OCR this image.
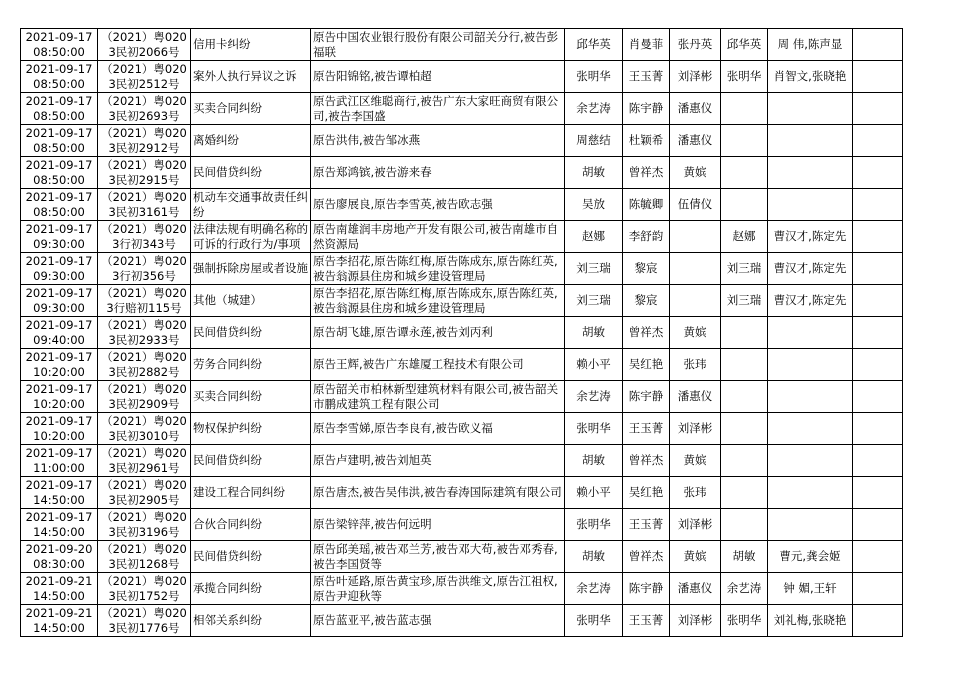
2021-09-17 08:50:00	（2021）粤0203民初2066号	信用卡纠纷	原告中国农业银行股份有限公司韶关分行,被告彭福联	邱华英	肖曼菲	张丹英	邱华英	周 伟,陈声显	
2021-09-17 08:50:00	（2021）粤0203民初2512号	案外人执行异议之诉	原告阳锦铭,被告谭柏超	张明华	王玉菁	刘泽彬	张明华	肖智文,张晓艳	
2021-09-17 08:50:00	（2021）粤0203民初2693号	买卖合同纠纷	原告武江区维聪商行,被告广东大家旺商贸有限公司,被告李国盛	余艺涛	陈宇静	潘惠仪			
2021-09-17 08:50:00	（2021）粤0203民初2912号	离婚纠纷	原告洪伟,被告邹冰燕	周慈结	杜颖希	潘惠仪			
2021-09-17 08:50:00	（2021）粤0203民初2915号	民间借贷纠纷	原告郑鸿镔,被告游来春	胡敏	曾祥杰	黄嫔			
2021-09-17 08:50:00	（2021）粤0203民初3161号	机动车交通事故责任纠纷	原告廖展良,原告李雪英,被告欧志强	吴放	陈毓卿	伍倩仪			
2021-09-17 09:30:00	（2021）粤0203行初343号	法律法规有明确名称的可诉的行政行为/事项	原告南雄润丰房地产开发有限公司,被告南雄市自然资源局	赵娜	李舒韵		赵娜	曹汉才,陈定先	
2021-09-17 09:30:00	（2021）粤0203行初356号	强制拆除房屋或者设施	原告李招花,原告陈红梅,原告陈成东,原告陈红英,被告翁源县住房和城乡建设管理局	刘三瑞	黎宸		刘三瑞	曹汉才,陈定先	
2021-09-17 09:30:00	（2021）粤0203行赔初115号	其他（城建）	原告李招花,原告陈红梅,原告陈成东,原告陈红英,被告翁源县住房和城乡建设管理局	刘三瑞	黎宸		刘三瑞	曹汉才,陈定先	
2021-09-17 09:40:00	（2021）粤0203民初2933号	民间借贷纠纷	原告胡飞雄,原告谭永莲,被告刘丙利	胡敏	曾祥杰	黄嫔			
2021-09-17 10:20:00	（2021）粤0203民初2882号	劳务合同纠纷	原告王辉,被告广东雄厦工程技术有限公司	赖小平	吴红艳	张玮			
2021-09-17 10:20:00	（2021）粤0203民初2909号	买卖合同纠纷	原告韶关市柏林新型建筑材料有限公司,被告韶关市鹏成建筑工程有限公司	余艺涛	陈宇静	潘惠仪			
2021-09-17 10:20:00	（2021）粤0203民初3010号	物权保护纠纷	原告李雪娣,原告李良有,被告欧义福	张明华	王玉菁	刘泽彬			
2021-09-17 11:00:00	（2021）粤0203民初2961号	民间借贷纠纷	原告卢建明,被告刘旭英	胡敏	曾祥杰	黄嫔			
2021-09-17 14:50:00	（2021）粤0203民初2905号	建设工程合同纠纷	原告唐杰,被告吴伟洪,被告春涛国际建筑有限公司	赖小平	吴红艳	张玮			
2021-09-17 14:50:00	（2021）粤0203民初3196号	合伙合同纠纷	原告梁锌萍,被告何远明	张明华	王玉菁	刘泽彬			
2021-09-20 08:30:00	（2021）粤0203民初1268号	民间借贷纠纷	原告邱美瑶,被告邓兰芳,被告邓大苟,被告邓秀春,被告李国贤等	胡敏	曾祥杰	黄嫔	胡敏	曹元,龚会姬	
2021-09-21 14:50:00	（2021）粤0203民初1752号	承揽合同纠纷	原告叶延路,原告黄宝珍,原告洪维文,原告江祖权,原告尹迎秋等	余艺涛	陈宇静	潘惠仪	余艺涛	钟 媚,王轩	
2021-09-21 14:50:00	（2021）粤0203民初1776号	相邻关系纠纷	原告蓝亚平,被告蓝志强	张明华	王玉菁	刘泽彬	张明华	刘礼梅,张晓艳	
